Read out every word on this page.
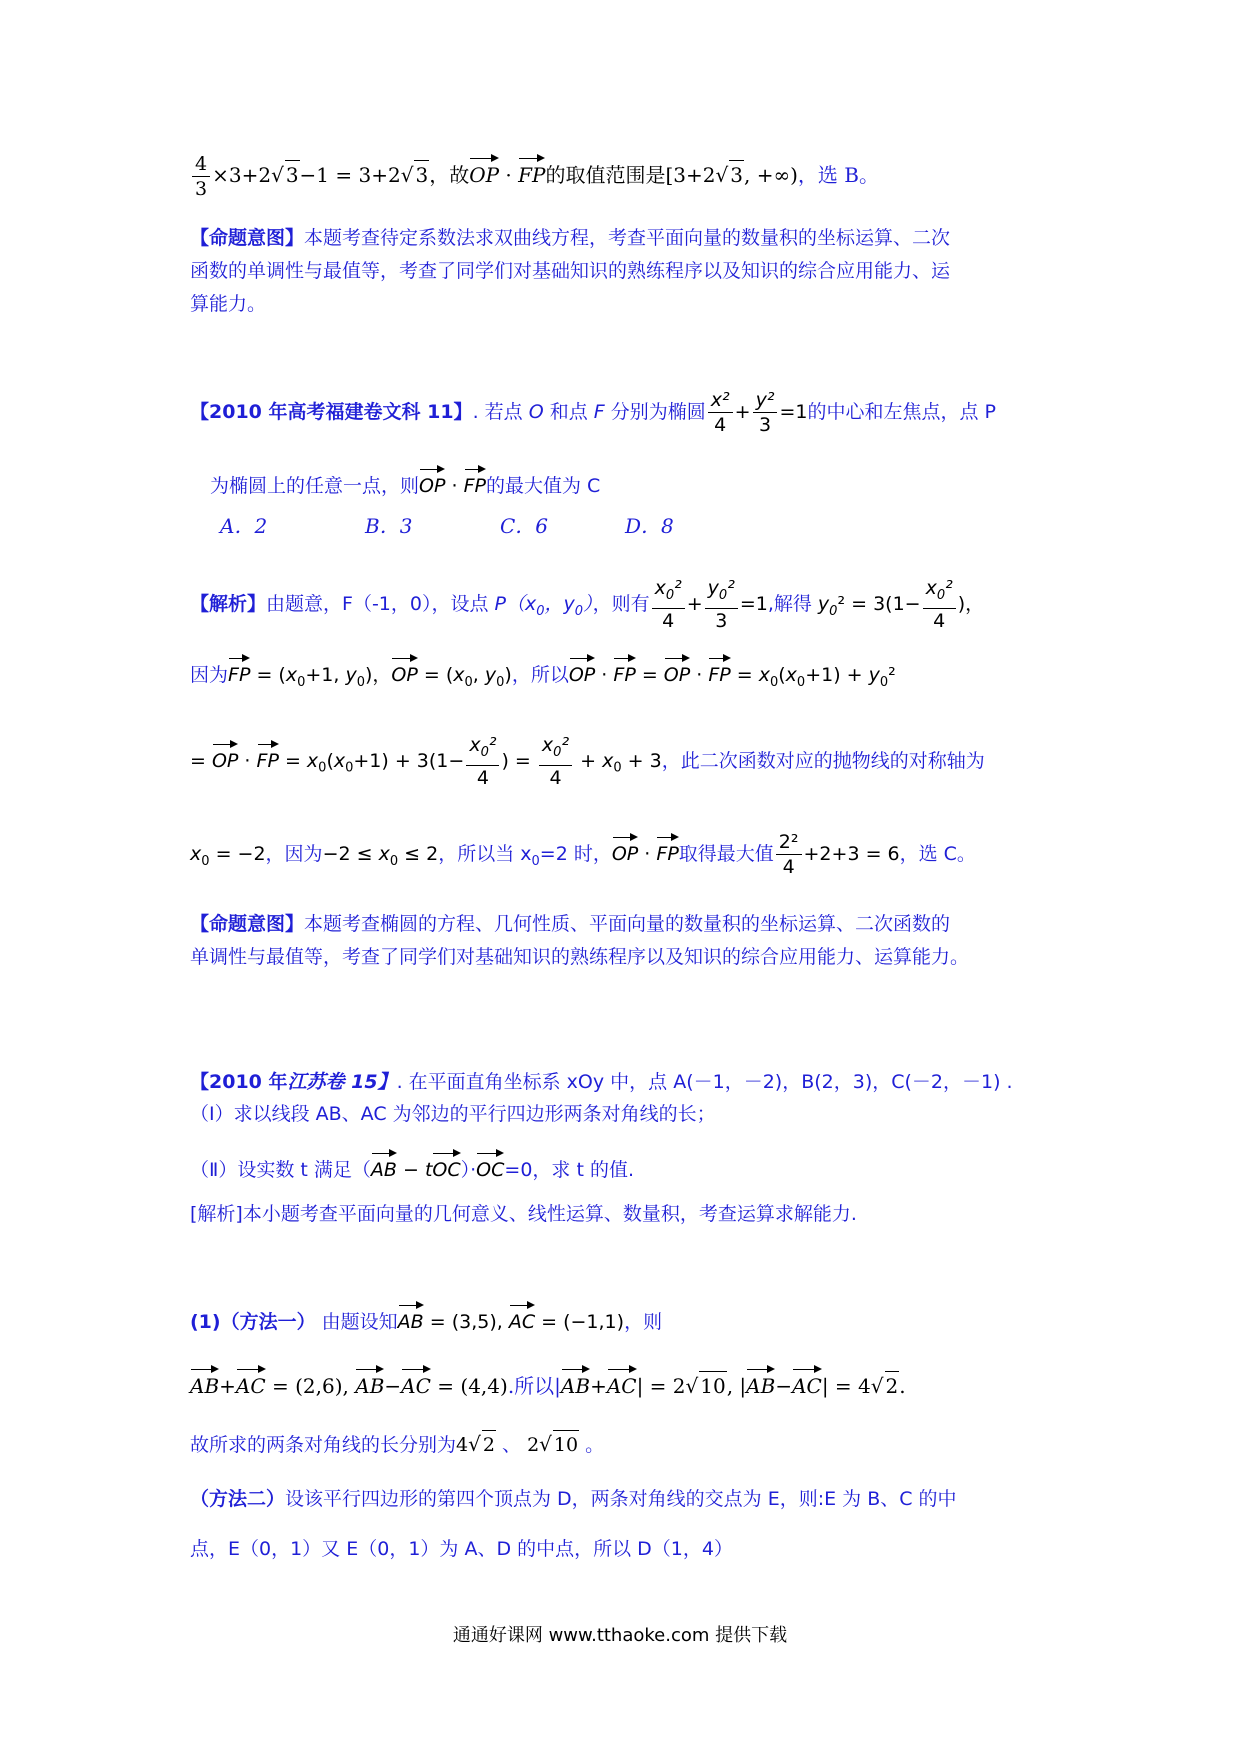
$\frac{4}{3} \times 3+2√$ 3−1 = 3+2√ 3，故OP · FP的取值范围是[3+2√ 3, +∞)，选 B。
【命题意图】本题考查待定系数法求双曲线方程，考查平面向量的数量积的坐标运算、二次
函数的单调性与最值等，考查了同学们对基础知识的熟练程序以及知识的综合应用能力、运
算能力。
【2010 年高考福建卷文科 11】. 若点 O 和点 F 分别为椭圆 $\frac{\text{x²}}{4} + \frac{\text{y²}}{3} =1$的中心和左焦点，点 P
为椭圆上的任意一点，则OP · FP的最大值为 C
A．2	B．3	C．6	D．8
【解析】由题意，F（-1，0），设点 $P(x_0$，$y_0$），则有 $\frac{x_0^2}{4} + \frac{y_0^2}{3} =1$,解得 $y_0^2 = 3(1- \frac{x_0^2}{4}$ )，
因为FP = ($x_0+1$, $y_0$)，OP = ($x_0$, $y_0$)，所以OP · FP = OP · FP = $x_0(x_0+1) + y_0^2$
= OP · FP = $x_0(x_0+1) + 3(1- \frac{x_0^2}{4}$ ) = $\frac{x_0^2}{4} + x_0 + 3$，此二次函数对应的抛物线的对称轴为
$x_0 = -2$，因为$-2 \le x_0 \le 2$，所以当 $x_0=2$ 时，OP · FP取得最大值 $\frac{\text{2²}}{4} +2+3 = 6$，选 C。
【命题意图】本题考查椭圆的方程、几何性质、平面向量的数量积的坐标运算、二次函数的
单调性与最值等，考查了同学们对基础知识的熟练程序以及知识的综合应用能力、运算能力。
【2010 年江苏卷 15】. 在平面直角坐标系 xOy 中，点 A(－1，－2)，B(2，3)，C(－2，－1) .
（Ⅰ）求以线段 AB、AC 为邻边的平行四边形两条对角线的长；
（Ⅱ）设实数 t 满足（AB − tOC）·OC=0，求 t 的值.
[解析]本小题考查平面向量的几何意义、线性运算、数量积，考查运算求解能力.
(1)（方法一） 由题设知AB = (3,5), AC = (−1,1)，则
AB+AC = (2,6), AB−AC = (4,4).所以|AB+AC| = 2√ 10, |AB−AC| = 4√ 2.
故所求的两条对角线的长分别为4√ 2 、 2√ 10 。
（方法二）设该平行四边形的第四个顶点为 D，两条对角线的交点为 E，则:E 为 B、C 的中
点，E（0，1）又 E（0，1）为 A、D 的中点，所以 D（1，4）
通通好课网 www.tthaoke.com 提供下载
